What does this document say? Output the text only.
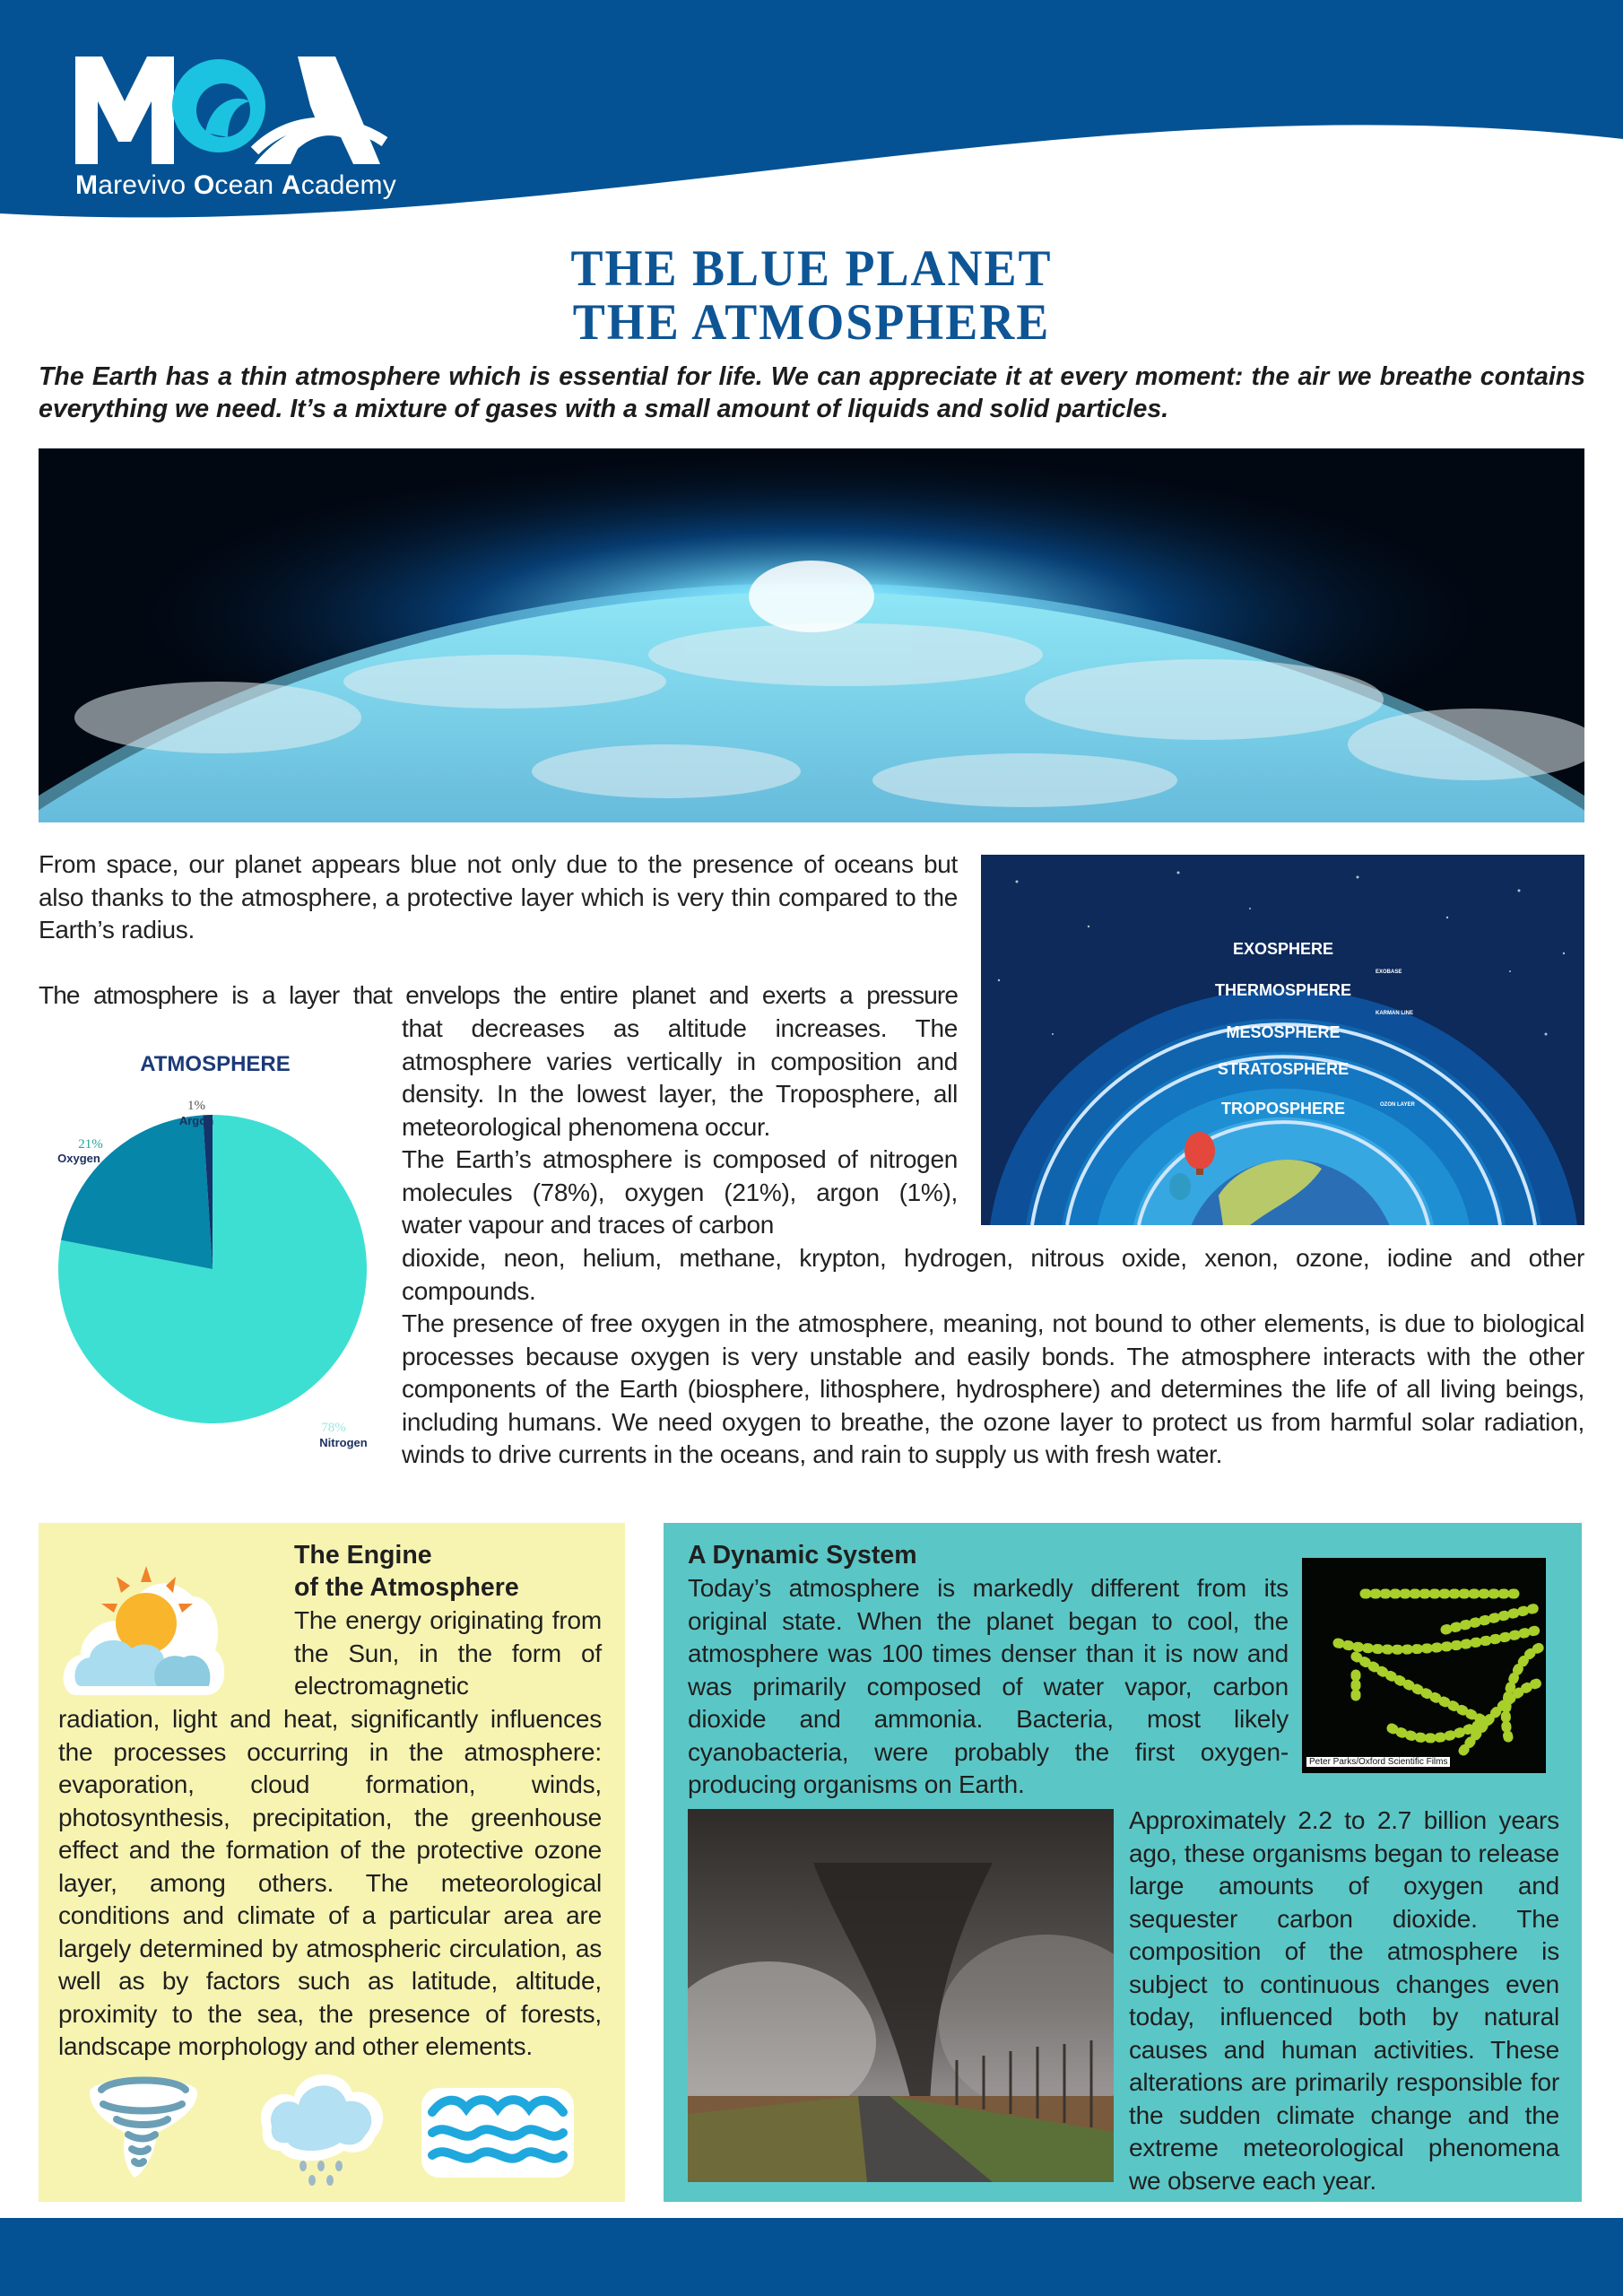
Marevivo Ocean Academy
THE BLUE PLANET
THE ATMOSPHERE
The Earth has a thin atmosphere which is essential for life. We can appreciate it at every moment: the air we breathe contains everything we need. It’s a mixture of gases with a small amount of liquids and solid particles.
From space, our planet appears blue not only due to the presence of oceans but also thanks to the atmosphere, a protective layer which is very thin compared to the Earth’s radius.
The atmosphere is a layer that envelops the entire planet and exerts a pressure
that decreases as altitude increases. The atmosphere varies vertically in composition and density. In the lowest layer, the Troposphere, all meteorological phenomena occur.
The Earth’s atmosphere is composed of nitrogen molecules (78%), oxygen (21%), argon (1%), water vapour and traces of carbon
dioxide, neon, helium, methane, krypton, hydrogen, nitrous oxide, xenon, ozone, iodine and other compounds.
The presence of free oxygen in the atmosphere, meaning, not bound to other elements, is due to biological processes because oxygen is very unstable and easily bonds. The atmosphere interacts with the other components of the Earth (biosphere, lithosphere, hydrosphere) and determines the life of all living beings, including humans. We need oxygen to breathe, the ozone layer to protect us from harmful solar radiation, winds to drive currents in the oceans, and rain to supply us with fresh water.
EXOSPHERE
THERMOSPHERE
MESOSPHERE
STRATOSPHERE
TROPOSPHERE
EXOBASE
KARMAN LINE
OZON LAYER
ATMOSPHERE
1%
21%
78%
Argon
Oxygen
Nitrogen
The Engine
of the Atmosphere
The energy originating from the Sun, in the form of electromagnetic
radiation, light and heat, significantly influences the processes occurring in the atmosphere: evaporation, cloud formation, winds, photosynthesis, precipitation, the greenhouse effect and the formation of the protective ozone layer, among others. The meteorological conditions and climate of a particular area are largely determined by atmospheric circulation, as well as by factors such as latitude, altitude, proximity to the sea, the presence of forests, landscape morphology and other elements.
A Dynamic System
Today’s atmosphere is markedly different from its original state. When the planet began to cool, the atmosphere was 100 times denser than it is now and was primarily composed of water vapor, carbon dioxide and ammonia. Bacteria, most likely cyanobacteria, were probably the first oxygen-producing organisms on Earth.
Peter Parks/Oxford Scientific Films
Approximately 2.2 to 2.7 billion years ago, these organisms began to release large amounts of oxygen and sequester carbon dioxide. The composition of the atmosphere is subject to continuous changes even today, influenced both by natural causes and human activities. These alterations are primarily responsible for the sudden climate change and the extreme meteorological phenomena we observe each year.
